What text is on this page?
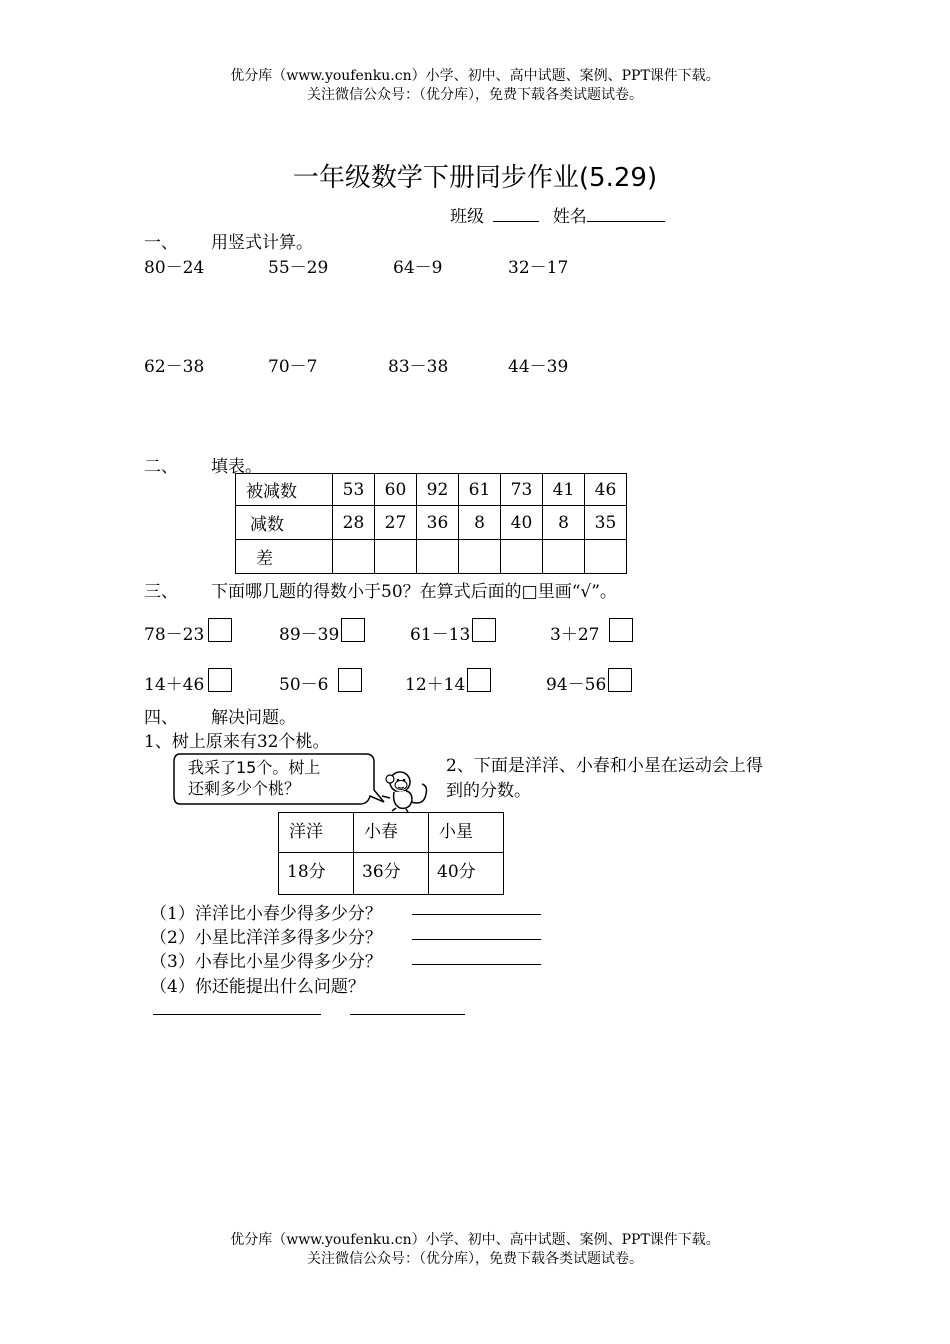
优分库（www.youfenku.cn）小学、初中、高中试题、案例、PPT课件下载。
关注微信公众号：（优分库），免费下载各类试题试卷。
一年级数学下册同步作业(5.29)
班级	姓名
一、 用竖式计算。
80－24	55－29	64－9	32－17
62－38	70－7	83－38	44－39
二、 填表。
被减数	53	60	92	61	73	41	46
减数	28	27	36	8	40	8	35
差							
三、 下面哪几题的得数小于50？在算式后面的□里画“√”。
78－23	89－39	61－13	3＋27
14＋46	50－6	12＋14	94－56
四、 解决问题。
1、树上原来有32个桃。
我采了15个。树上
还剩多少个桃？
2、下面是洋洋、小春和小星在运动会上得
到的分数。
洋洋	小春	小星
18分	36分	40分
（1）洋洋比小春少得多少分？
（2）小星比洋洋多得多少分？
（3）小春比小星少得多少分？
（4）你还能提出什么问题？
优分库（www.youfenku.cn）小学、初中、高中试题、案例、PPT课件下载。
关注微信公众号：（优分库），免费下载各类试题试卷。
